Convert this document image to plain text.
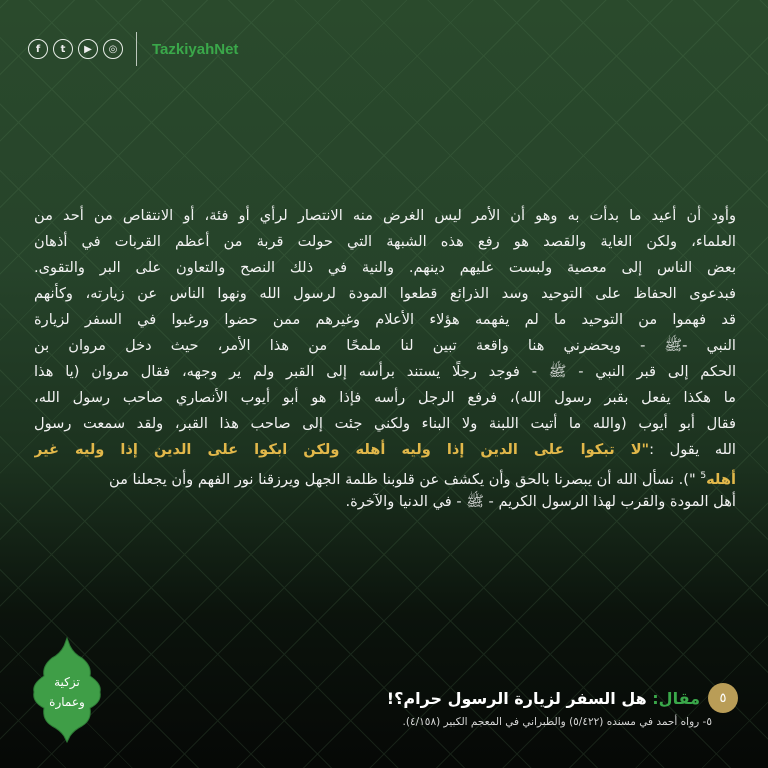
f	t	▶	◎	TazkiyahNet
وأود أن أعيد ما بدأت به وهو أن الأمر ليس الغرض منه الانتصار لرأي أو فئة، أو الانتقاص من أحد من
العلماء، ولكن الغاية والقصد هو رفع هذه الشبهة التي حولت قربة من أعظم القربات في أذهان
بعض الناس إلى معصية ولبست عليهم دينهم. والنية في ذلك النصح والتعاون على البر والتقوى.
فبدعوى الحفاظ على التوحيد وسد الذرائع قطعوا المودة لرسول الله ونهوا الناس عن زيارته، وكأنهم
قد فهموا من التوحيد ما لم يفهمه هؤلاء الأعلام وغيرهم ممن حضوا ورغبوا في السفر لزيارة
النبي -ﷺ - ويحضرني هنا واقعة تبين لنا ملمحًا من هذا الأمر، حيث دخل مروان بن
الحكم إلى قبر النبي - ﷺ - فوجد رجلًا يستند برأسه إلى القبر ولم ير وجهه، فقال مروان (يا هذا
ما هكذا يفعل بقبر رسول الله)، فرفع الرجل رأسه فإذا هو أبو أيوب الأنصاري صاحب رسول الله،
فقال أبو أيوب (والله ما أتيت اللبنة ولا البناء ولكني جئت إلى صاحب هذا القبر، ولقد سمعت رسول
الله يقول :"لا تبكوا على الدين إذا وليه أهله ولكن ابكوا على الدين إذا وليه غير
أهله$^5$ "). نسأل الله أن يبصرنا بالحق وأن يكشف عن قلوبنا ظلمة الجهل ويرزقنا نور الفهم وأن يجعلنا من
أهل المودة والقرب لهذا الرسول الكريم - ﷺ - في الدنيا والآخرة.
تزكية
وعمارة	٥
مقال: هل السفر لزيارة الرسول حرام؟!
٥- رواه أحمد في مسنده (٥/٤٢٢) والطبراني في المعجم الكبير (٤/١٥٨).
